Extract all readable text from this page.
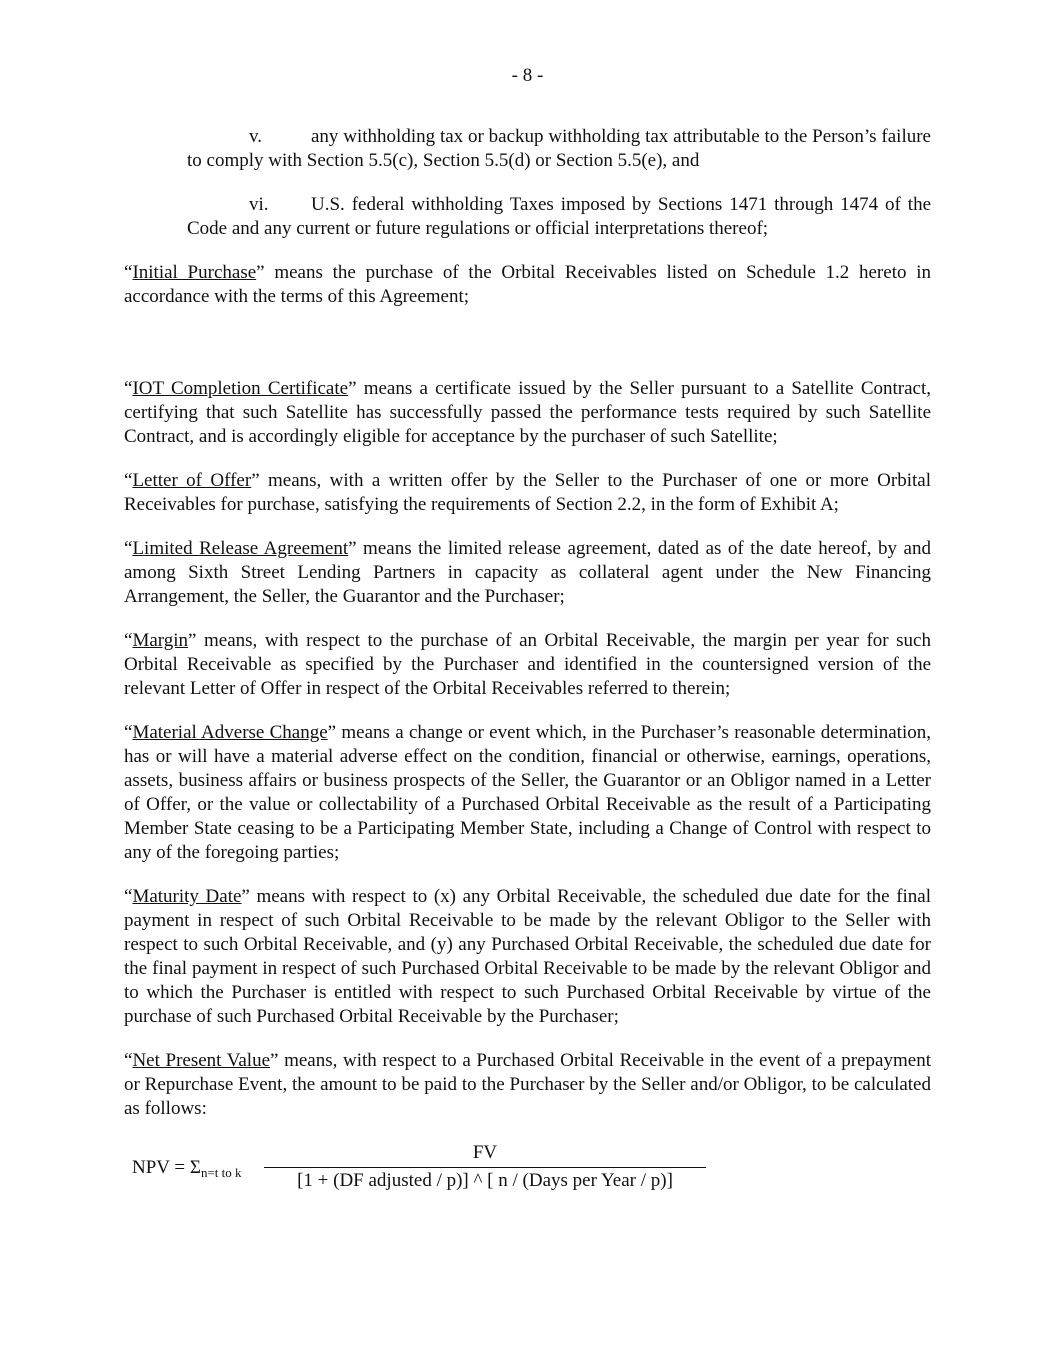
- 8 -
v.	any withholding tax or backup withholding tax attributable to the Person’s failure to comply with Section 5.5(c), Section 5.5(d) or Section 5.5(e), and
vi. U.S. federal withholding Taxes imposed by Sections 1471 through 1474 of the Code and any current or future regulations or official interpretations thereof;

“Initial Purchase” means the purchase of the Orbital Receivables listed on Schedule 1.2 hereto in accordance with the terms of this Agreement;

“IOT Completion Certificate” means a certificate issued by the Seller pursuant to a Satellite Contract, certifying that such Satellite has successfully passed the performance tests required by such Satellite Contract, and is accordingly eligible for acceptance by the purchaser of such Satellite;

“Letter of Offer” means, with a written offer by the Seller to the Purchaser of one or more Orbital Receivables for purchase, satisfying the requirements of Section 2.2, in the form of Exhibit A;

“Limited Release Agreement” means the limited release agreement, dated as of the date hereof, by and among Sixth Street Lending Partners in capacity as collateral agent under the New Financing Arrangement, the Seller, the Guarantor and the Purchaser;

“Margin” means, with respect to the purchase of an Orbital Receivable, the margin per year for such Orbital Receivable as specified by the Purchaser and identified in the countersigned version of the relevant Letter of Offer in respect of the Orbital Receivables referred to therein;

“Material Adverse Change” means a change or event which, in the Purchaser’s reasonable determination, has or will have a material adverse effect on the condition, financial or otherwise, earnings, operations, assets, business affairs or business prospects of the Seller, the Guarantor or an Obligor named in a Letter of Offer, or the value or collectability of a Purchased Orbital Receivable as the result of a Participating Member State ceasing to be a Participating Member State, including a Change of Control with respect to any of the foregoing parties;

“Maturity Date” means with respect to (x) any Orbital Receivable, the scheduled due date for the final payment in respect of such Orbital Receivable to be made by the relevant Obligor to the Seller with respect to such Orbital Receivable, and (y) any Purchased Orbital Receivable, the scheduled due date for the final payment in respect of such Purchased Orbital Receivable to be made by the relevant Obligor and to which the Purchaser is entitled with respect to such Purchased Orbital Receivable by virtue of the purchase of such Purchased Orbital Receivable by the Purchaser;

“Net Present Value” means, with respect to a Purchased Orbital Receivable in the event of a prepayment or Repurchase Event, the amount to be paid to the Purchaser by the Seller and/or Obligor, to be calculated as follows:

NPV = $\Sigma_{n=t to k}$
FV
[1 + (DF adjusted / p)] ^ [ n / (Days per Year / p)]
